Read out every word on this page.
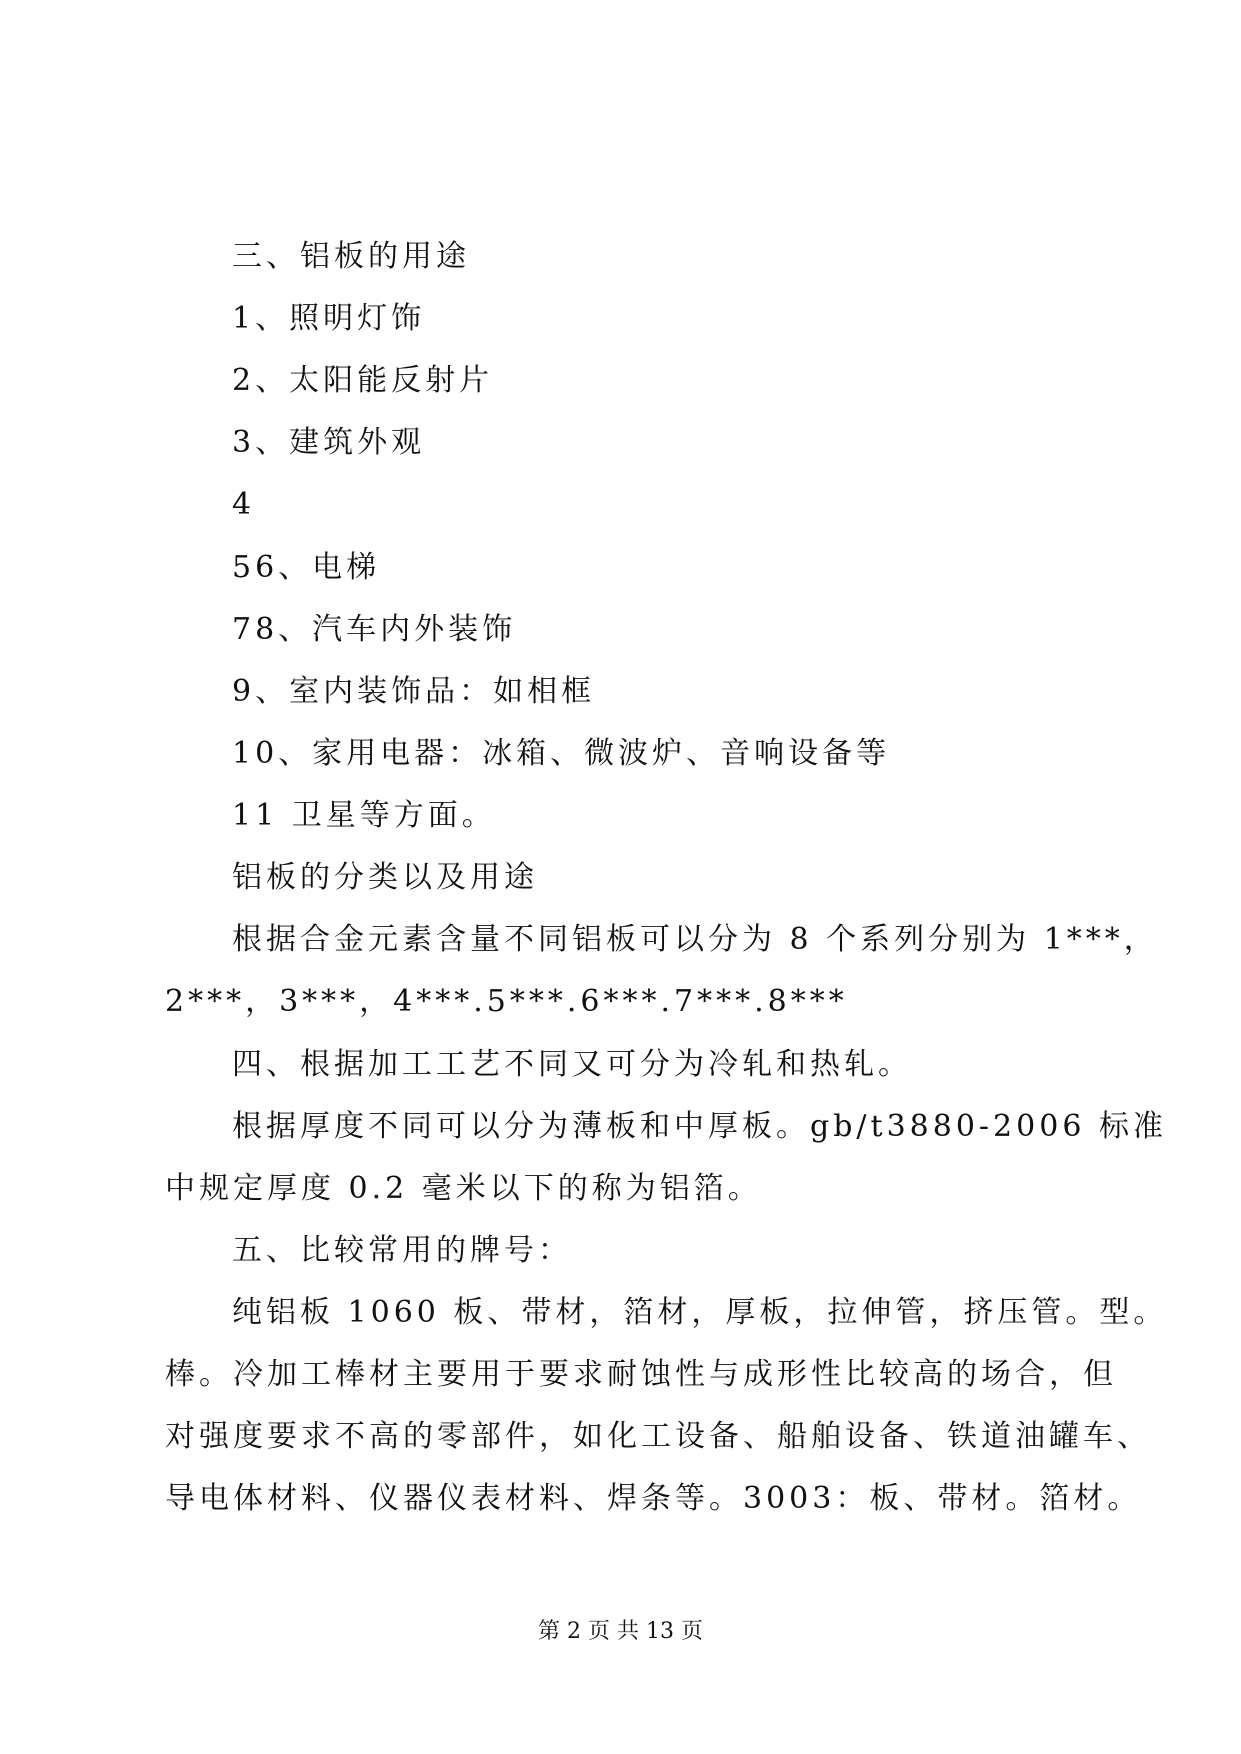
三、铝板的用途
1、照明灯饰
2、太阳能反射片
3、建筑外观
4
56、电梯
78、汽车内外装饰
9、室内装饰品：如相框
10、家用电器：冰箱、微波炉、音响设备等
11 卫星等方面。
铝板的分类以及用途
根据合金元素含量不同铝板可以分为 8 个系列分别为 1***，
2***，3***，4***.5***.6***.7***.8***
四、根据加工工艺不同又可分为冷轧和热轧。
根据厚度不同可以分为薄板和中厚板。gb/t3880-2006 标准
中规定厚度 0.2 毫米以下的称为铝箔。
五、比较常用的牌号：
纯铝板 1060 板、带材，箔材，厚板，拉伸管，挤压管。型。
棒。冷加工棒材主要用于要求耐蚀性与成形性比较高的场合，但
对强度要求不高的零部件，如化工设备、船舶设备、铁道油罐车、
导电体材料、仪器仪表材料、焊条等。3003：板、带材。箔材。
第 2 页 共 13 页
